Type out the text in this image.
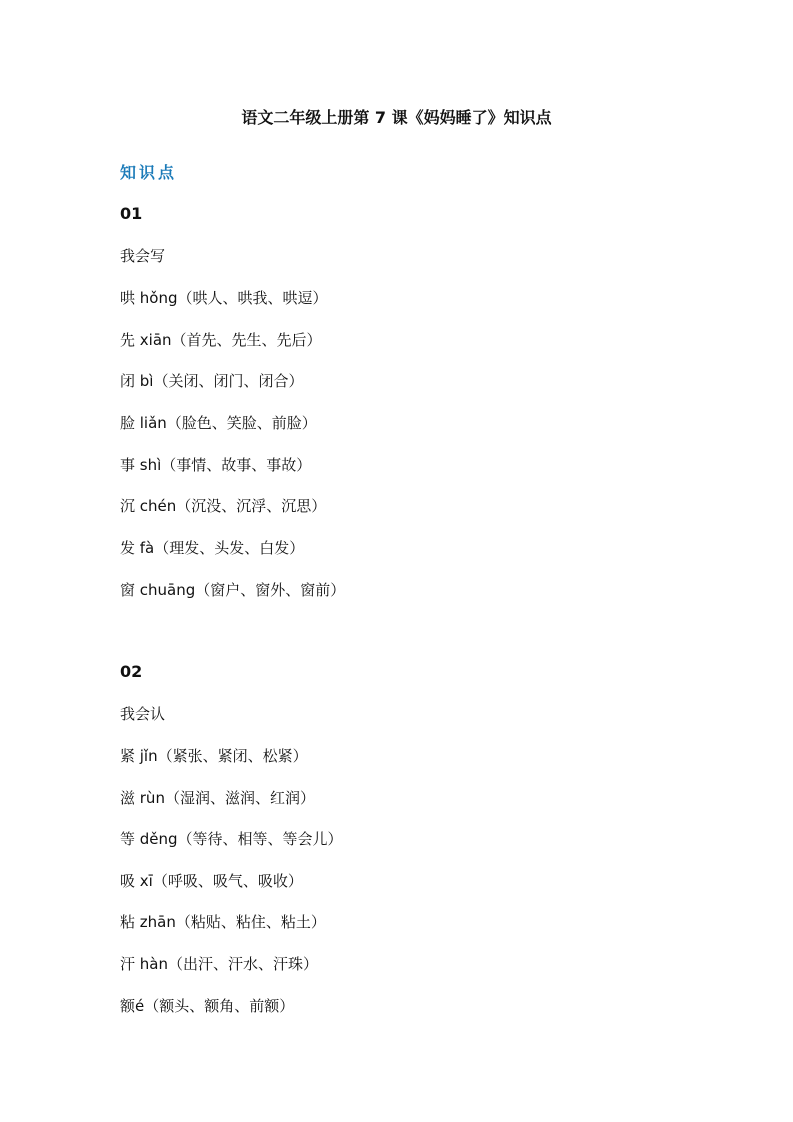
语文二年级上册第 7 课《妈妈睡了》知识点
知识点
01
我会写
哄 hǒng（哄人、哄我、哄逗）
先 xiān（首先、先生、先后）
闭 bì（关闭、闭门、闭合）
脸 liǎn（脸色、笑脸、前脸）
事 shì（事情、故事、事故）
沉 chén（沉没、沉浮、沉思）
发 fà（理发、头发、白发）
窗 chuāng（窗户、窗外、窗前）
02
我会认
紧 jǐn（紧张、紧闭、松紧）
滋 rùn（湿润、滋润、红润）
等 děng（等待、相等、等会儿）
吸 xī（呼吸、吸气、吸收）
粘 zhān（粘贴、粘住、粘土）
汗 hàn（出汗、汗水、汗珠）
额é（额头、额角、前额）
